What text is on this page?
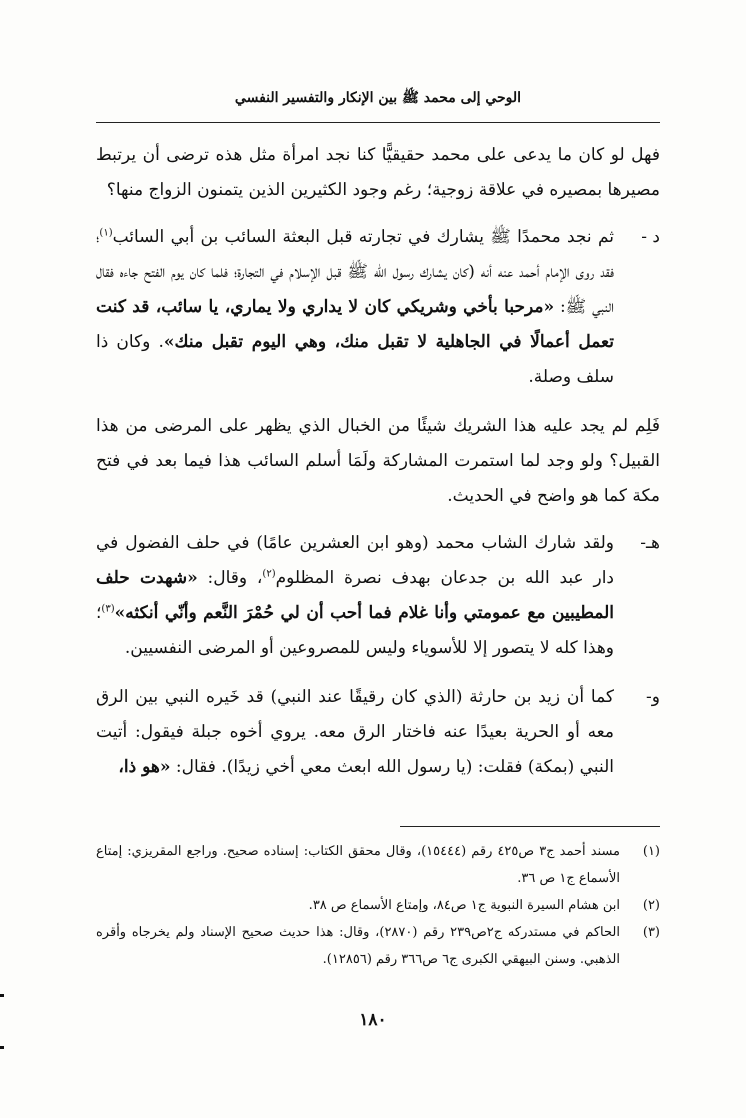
الوحي إلى محمد ﷺ بين الإنكار والتفسير النفسي

فهل لو كان ما يدعى على محمد حقيقيًّا كنا نجد امرأة مثل هذه ترضى أن يرتبط مصيرها بمصيره في علاقة زوجية؛ رغم وجود الكثيرين الذين يتمنون الزواج منها؟

د -
ثم نجد محمدًا ﷺ يشارك في تجارته قبل البعثة السائب بن أبي السائب$^{(١)}$؛ فقد روى الإمام أحمد عنه أنه (كان يشارك رسول الله ﷺ قبل الإسلام في التجارة؛ فلما كان يوم الفتح جاءه فقال النبي ﷺ: «مرحبا بأخي وشريكي كان لا يداري ولا يماري، يا سائب، قد كنت تعمل أعمالًا في الجاهلية لا تقبل منك، وهي اليوم تقبل منك». وكان ذا سلف وصلة.

فَلِم لم يجد عليه هذا الشريك شيئًا من الخبال الذي يظهر على المرضى من هذا القبيل؟ ولو وجد لما استمرت المشاركة ولَمَا أسلم السائب هذا فيما بعد في فتح مكة كما هو واضح في الحديث.

هـ-
ولقد شارك الشاب محمد (وهو ابن العشرين عامًا) في حلف الفضول في دار عبد الله بن جدعان بهدف نصرة المظلوم$^{(٢)}$، وقال: «شهدت حلف المطيبين مع عمومتي وأنا غلام فما أحب أن لي حُمْرَ النَّعم وأنّي أنكثه»$^{(٣)}$؛ وهذا كله لا يتصور إلا للأسوياء وليس للمصروعين أو المرضى النفسيين.
و-
كما أن زيد بن حارثة (الذي كان رقيقًا عند النبي) قد خَيره النبي بين الرق معه أو الحرية بعيدًا عنه فاختار الرق معه. يروي أخوه جبلة فيقول: أتيت النبي (بمكة) فقلت: (يا رسول الله ابعث معي أخي زيدًا). فقال: «هو ذا،
(١)
مسند أحمد ج٣ ص٤٢٥ رقم (١٥٤٤٤)، وقال محقق الكتاب: إسناده صحيح. وراجع المقريزي: إمتاع الأسماع ج١ ص ٣٦.
(٢)
ابن هشام السيرة النبوية ج١ ص٨٤، وإمتاع الأسماع ص ٣٨.
(٣)
الحاكم في مستدركه ج٢ص٢٣٩ رقم (٢٨٧٠)، وقال: هذا حديث صحيح الإسناد ولم يخرجاه وأقره الذهبي. وسنن البيهقي الكبرى ج٦ ص٣٦٦ رقم (١٢٨٥٦).
١٨٠
